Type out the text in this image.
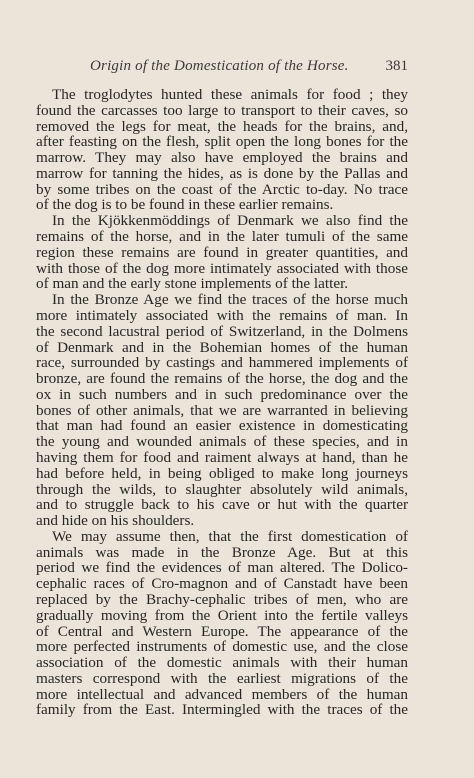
Origin of the Domestication of the Horse. 381
The troglodytes hunted these animals for food ; they
found the carcasses too large to transport to their caves, so
removed the legs for meat, the heads for the brains, and,
after feasting on the flesh, split open the long bones for the
marrow. They may also have employed the brains and
marrow for tanning the hides, as is done by the Pallas and
by some tribes on the coast of the Arctic to-day. No trace
of the dog is to be found in these earlier remains.
In the Kjökkenmöddings of Denmark we also find the
remains of the horse, and in the later tumuli of the same
region these remains are found in greater quantities, and
with those of the dog more intimately associated with those
of man and the early stone implements of the latter.
In the Bronze Age we find the traces of the horse much
more intimately associated with the remains of man. In
the second lacustral period of Switzerland, in the Dolmens
of Denmark and in the Bohemian homes of the human
race, surrounded by castings and hammered implements of
bronze, are found the remains of the horse, the dog and the
ox in such numbers and in such predominance over the
bones of other animals, that we are warranted in believing
that man had found an easier existence in domesticating
the young and wounded animals of these species, and in
having them for food and raiment always at hand, than he
had before held, in being obliged to make long journeys
through the wilds, to slaughter absolutely wild animals,
and to struggle back to his cave or hut with the quarter
and hide on his shoulders.
We may assume then, that the first domestication of
animals was made in the Bronze Age. But at this
period we find the evidences of man altered. The Dolico-
cephalic races of Cro-magnon and of Canstadt have been
replaced by the Brachy-cephalic tribes of men, who are
gradually moving from the Orient into the fertile valleys
of Central and Western Europe. The appearance of the
more perfected instruments of domestic use, and the close
association of the domestic animals with their human
masters correspond with the earliest migrations of the
more intellectual and advanced members of the human
family from the East. Intermingled with the traces of the
